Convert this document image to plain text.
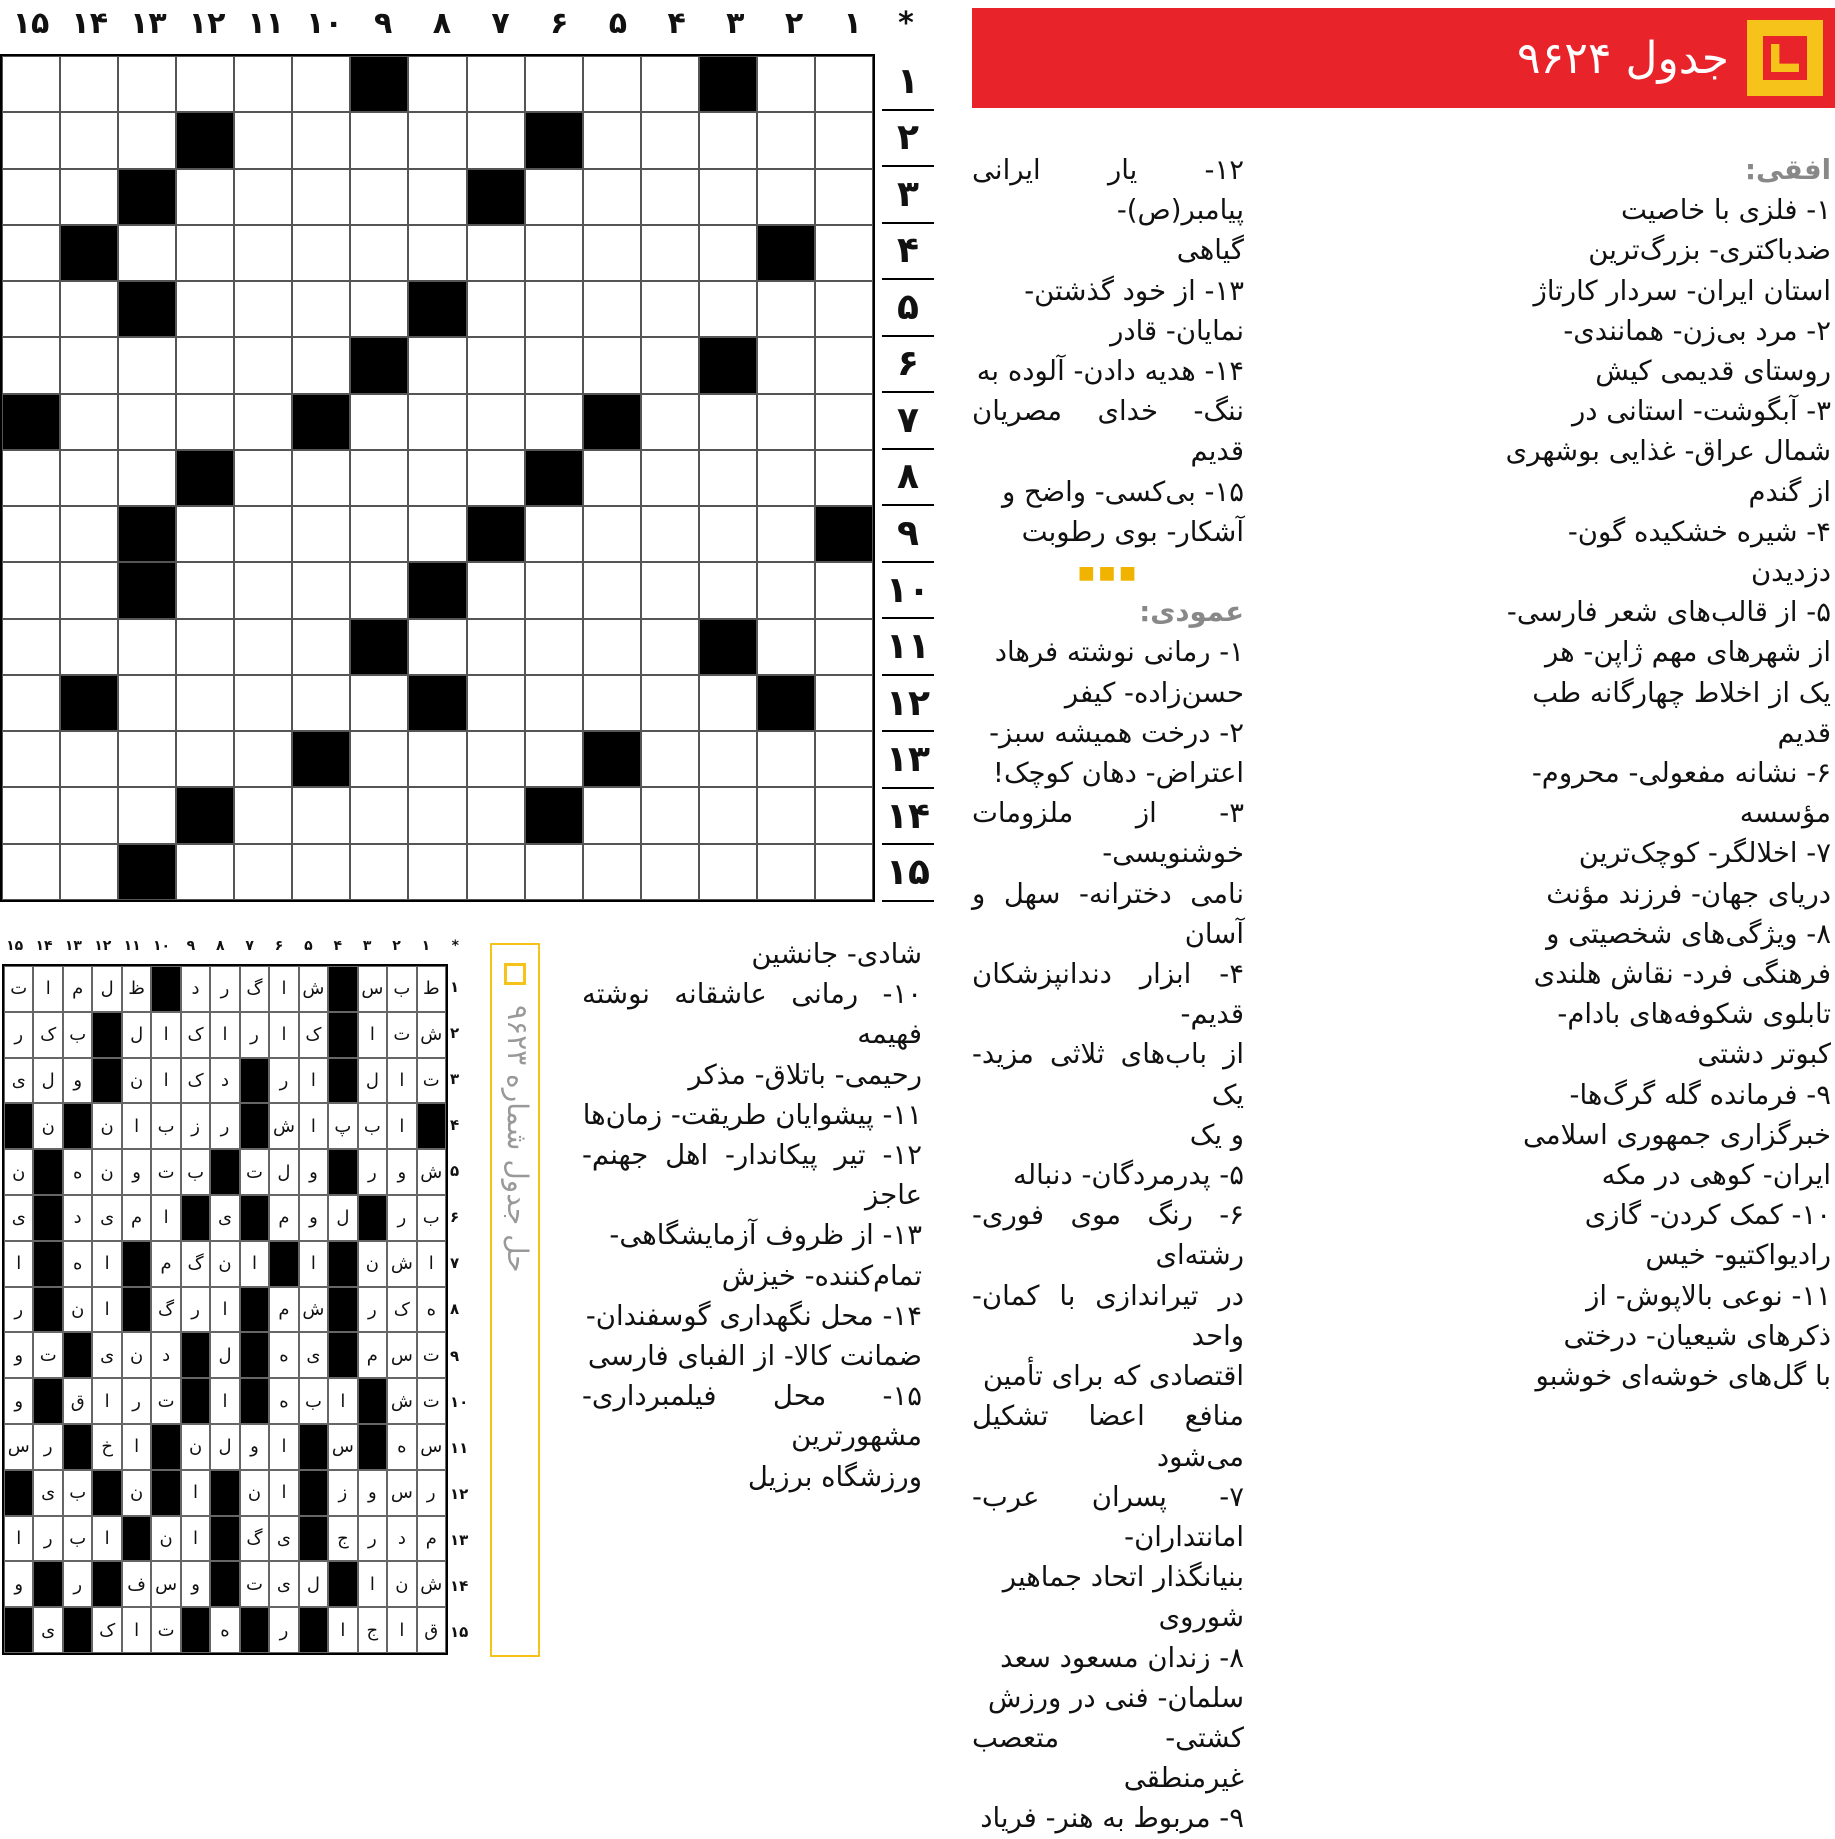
*
۱
۲
۳
۴
۵
۶
۷
۸
۹
۱۰
۱۱
۱۲
۱۳
۱۴
۱۵
۱
۲
۳
۴
۵
۶
۷
۸
۹
۱۰
۱۱
۱۲
۱۳
۱۴
۱۵
جدول ۹۶۲۴
افقی:
۱- فلزی با خاصیت
ضدباکتری- بزرگ‌ترین
استان ایران- سردار کارتاژ
۲- مرد بی‌زن- همانندی-
روستای قدیمی کیش
۳- آبگوشت- استانی در
شمال عراق- غذایی بوشهری
از گندم
۴- شیره خشکیده گون-
دزدیدن
۵- از قالب‌های شعر فارسی-
از شهرهای مهم ژاپن- هر
یک از اخلاط چهارگانه طب
قدیم
۶- نشانه مفعولی- محروم-
مؤسسه
۷- اخلالگر- کوچک‌ترین
دریای جهان- فرزند مؤنث
۸- ویژگی‌های شخصیتی و
فرهنگی فرد- نقاش هلندی
تابلوی شکوفه‌های بادام-
کبوتر دشتی
۹- فرمانده گله گرگ‌ها-
خبرگزاری جمهوری اسلامی
ایران- کوهی در مکه
۱۰- کمک کردن- گازی
رادیواکتیو- خیس
۱۱- نوعی بالاپوش- از
ذکرهای شیعیان- درختی
با گل‌های خوشه‌ای خوشبو
۱۲- یار ایرانی پیامبر(ص)-
گیاهی
۱۳- از خود گذشتن-
نمایان- قادر
۱۴- هدیه دادن- آلوده به
ننگ- خدای مصریان قدیم
۱۵- بی‌کسی- واضح و
آشکار- بوی رطوبت
▪▪▪
عمودی:
۱- رمانی نوشته فرهاد
حسن‌زاده- کیفر
۲- درخت همیشه سبز-
اعتراض- دهان کوچک!
۳- از ملزومات خوشنویسی-
نامی دخترانه- سهل و آسان
۴- ابزار دندانپزشکان قدیم-
از باب‌های ثلاثی مزید- یک
و یک
۵- پدرمردگان- دنباله
۶- رنگ موی فوری- رشته‌ای
در تیراندازی با کمان- واحد
اقتصادی که برای تأمین
منافع اعضا تشکیل می‌شود
۷- پسران عرب- امانتداران-
بنیانگذار اتحاد جماهیر
شوروی
۸- زندان مسعود سعد
سلمان- فنی در ورزش
کشتی- متعصب غیرمنطقی
۹- مربوط به هنر- فریاد
شادی- جانشین
۱۰- رمانی عاشقانه نوشته فهیمه
رحیمی- باتلاق- مذکر
۱۱- پیشوایان طریقت- زمان‌ها
۱۲- تیر پیکاندار- اهل جهنم- عاجز
۱۳- از ظروف آزمایشگاهی-
تمام‌کننده- خیزش
۱۴- محل نگهداری گوسفندان-
ضمانت کالا- از الفبای فارسی
۱۵- محل فیلمبرداری- مشهورترین
ورزشگاه برزیل
حل جدول شماره ۹۶۲۳
*
۱
۲
۳
۴
۵
۶
۷
۸
۹
۱۰
۱۱
۱۲
۱۳
۱۴
۱۵
ط
ب
س
ش
ا
گ
ر
د
ظ
ل
م
ا
ت
ش
ت
ا
ک
ا
ر
ا
ک
ا
ل
ب
ک
ر
ت
ا
ل
ا
ر
د
ک
ا
ن
و
ل
ی
ا
ب
پ
ا
ش
ر
ز
ب
ا
ن
ن
ش
و
ر
و
ل
ت
ب
ت
و
ن
ه
ن
ب
ر
ل
و
م
ی
ا
م
ی
د
ی
ا
ش
ن
ا
ا
ن
گ
م
ا
ه
ا
ه
ک
ر
ش
م
ا
ر
گ
ا
ن
ر
ت
س
م
ی
ه
ل
د
ن
ی
ت
و
ت
ش
ا
ب
ه
ا
ت
ر
ا
ق
و
س
ه
س
ا
و
ل
ن
ا
خ
ر
س
ر
س
و
ز
ا
ن
ا
ن
ب
ی
م
د
ر
ج
ی
گ
ا
ن
ا
ب
ر
ا
ش
ن
ا
ل
ی
ت
و
س
ف
ر
و
ق
ا
ج
ا
ر
ه
ت
ا
ک
ی
۱
۲
۳
۴
۵
۶
۷
۸
۹
۱۰
۱۱
۱۲
۱۳
۱۴
۱۵
